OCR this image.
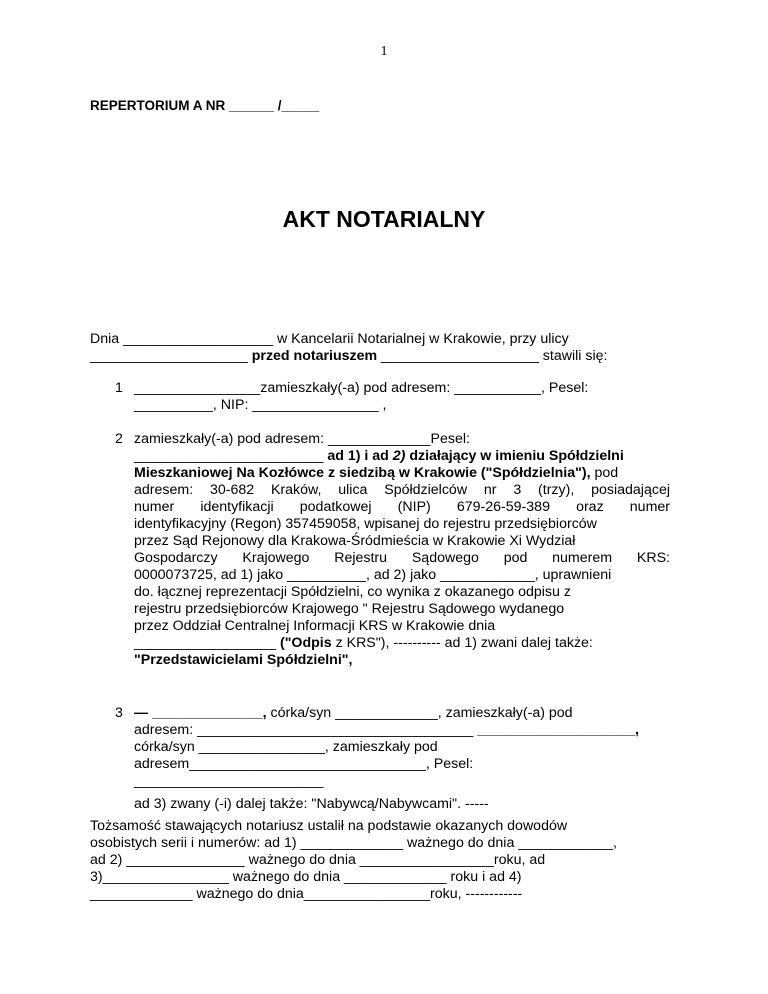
1
REPERTORIUM A NR ______ /_____
AKT NOTARIALNY
Dnia ___________________ w Kancelarii Notarialnej w Krakowie, przy ulicy
____________________ przed notariuszem ____________________ stawili się:
1 ________________zamieszkały(-a) pod adresem: ___________, Pesel:
__________, NIP: ________________ ,
2 zamieszkały(-a) pod adresem: _____________Pesel:
________________________ ad 1) i ad 2) działający w imieniu Spółdzielni
Mieszkaniowej Na Kozłówce z siedzibą w Krakowie ("Spółdzielnia"), pod
adresem: 30-682 Kraków, ulica Spółdzielców nr 3 (trzy), posiadającej
numer identyfikacji podatkowej (NIP) 679-26-59-389 oraz numer
identyfikacyjny (Regon) 357459058, wpisanej do rejestru przedsiębiorców
przez Sąd Rejonowy dla Krakowa-Śródmieścia w Krakowie Xi Wydział
Gospodarczy Krajowego Rejestru Sądowego pod numerem KRS:
0000073725, ad 1) jako __________, ad 2) jako ____________, uprawnieni
do. łącznej reprezentacji Spółdzielni, co wynika z okazanego odpisu z
rejestru przedsiębiorców Krajowego " Rejestru Sądowego wydanego
przez Oddział Centralnej Informacji KRS w Krakowie dnia
__________________ ("Odpis z KRS"), ---------- ad 1) zwani dalej także:
"Przedstawicielami Spółdzielni",
3 — ______________, córka/syn _____________, zamieszkały(-a) pod
adresem: ___________________________________ ____________________,
córka/syn ________________, zamieszkały pod
adresem______________________________, Pesel:
________________________
ad 3) zwany (-i) dalej także: "Nabywcą/Nabywcami". -----
Tożsamość stawających notariusz ustalił na podstawie okazanych dowodów
osobistych serii i numerów: ad 1) _____________ ważnego do dnia ____________,
ad 2) _______________ ważnego do dnia _________________roku, ad
3)________________ ważnego do dnia _____________ roku i ad 4)
_____________ ważnego do dnia________________roku, ------------
